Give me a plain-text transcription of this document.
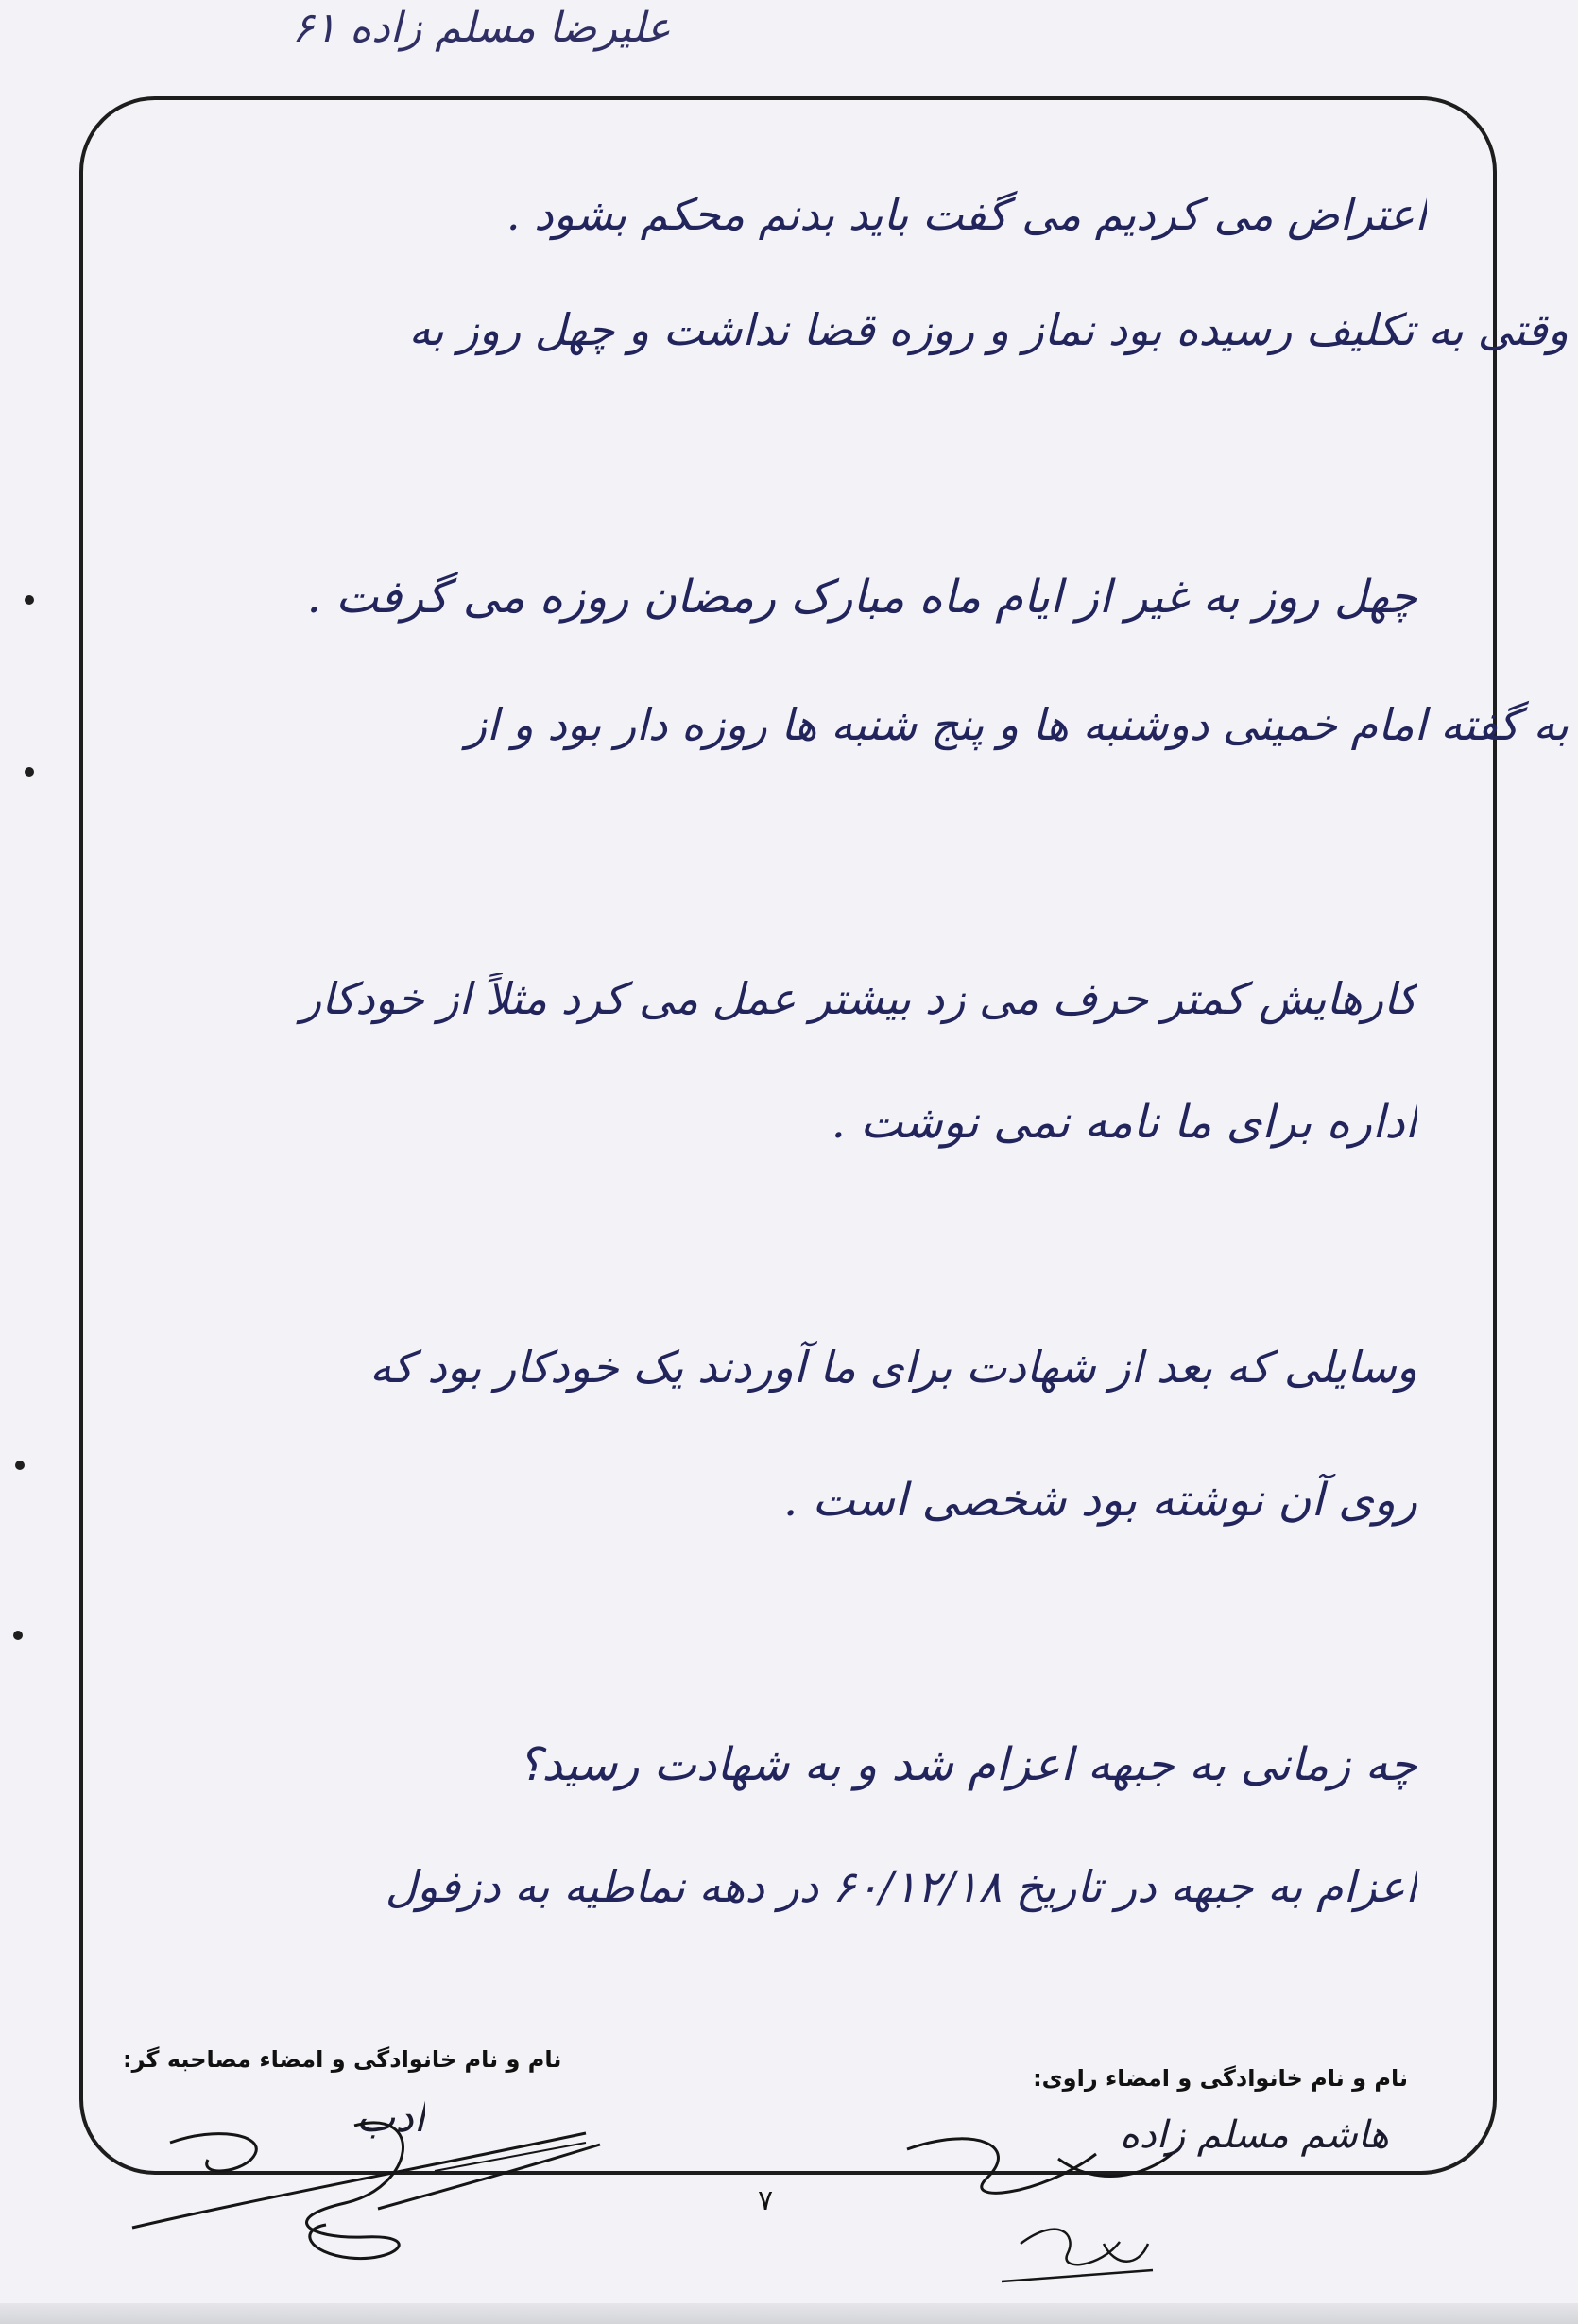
علیرضا مسلم زاده ۶۱
اعتراض می کردیم می گفت باید بدنم محکم بشود .
وقتی به تکلیف رسیده بود نماز و روزه قضا نداشت و چهل روز به
چهل روز به غیر از ایام ماه مبارک رمضان روزه می گرفت .
به گفته امام خمینی دوشنبه ها و پنج شنبه ها روزه دار بود و از
کارهایش کمتر حرف می زد بیشتر عمل می کرد مثلاً از خودکار
اداره برای ما نامه نمی نوشت .
وسایلی که بعد از شهادت برای ما آوردند یک خودکار بود که
روی آن نوشته بود شخصی است .
چه زمانی به جبهه اعزام شد و به شهادت رسید؟
اعزام به جبهه در تاریخ ۶۰/۱۲/۱۸ در دهه نماطیه به دزفول
نام و نام خانوادگی و امضاء مصاحبه گر:
نام و نام خانوادگی و امضاء راوی:
هاشم مسلم زاده
ادب
۷
